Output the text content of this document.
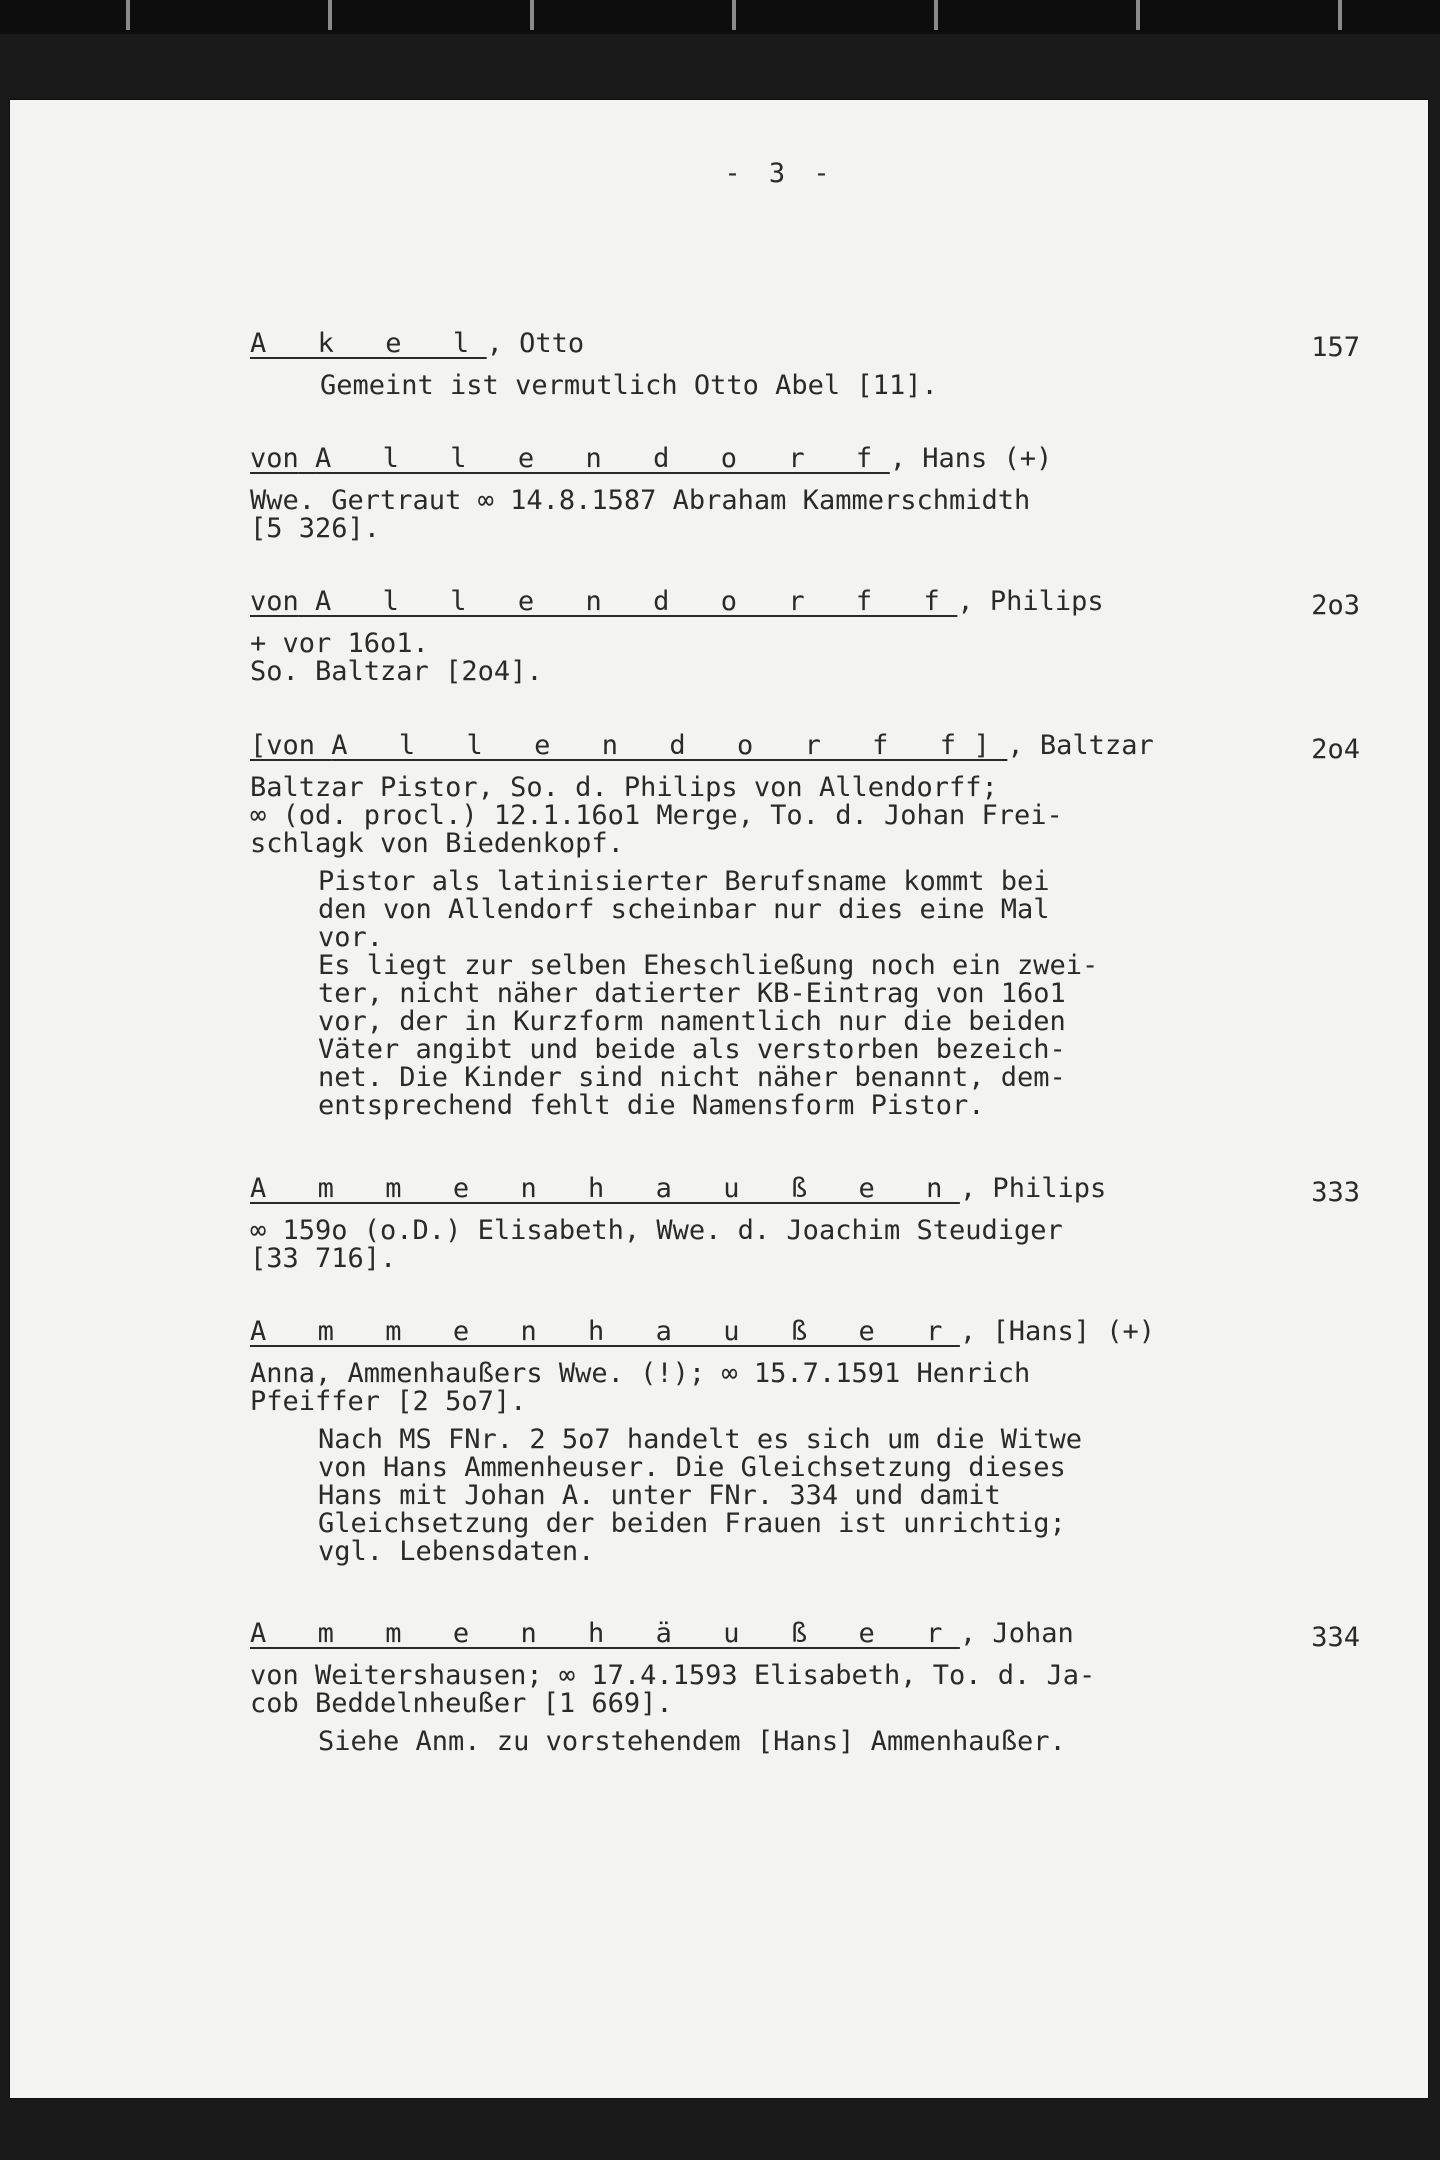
- 3 -
A k e l, Otto	157

Gemeint ist vermutlich Otto Abel [11].

von A l l e n d o r f, Hans (+)

Wwe. Gertraut ∞ 14.8.1587 Abraham Kammerschmidth

[5 326].

von A l l e n d o r f f, Philips	2o3

+ vor 16o1.

So. Baltzar [2o4].

[von A l l e n d o r f f], Baltzar	2o4

Baltzar Pistor, So. d. Philips von Allendorff;

∞ (od. procl.) 12.1.16o1 Merge, To. d. Johan Frei-

schlagk von Biedenkopf.

Pistor als latinisierter Berufsname kommt bei

den von Allendorf scheinbar nur dies eine Mal

vor.

Es liegt zur selben Eheschließung noch ein zwei-

ter, nicht näher datierter KB-Eintrag von 16o1

vor, der in Kurzform namentlich nur die beiden

Väter angibt und beide als verstorben bezeich-

net. Die Kinder sind nicht näher benannt, dem-

entsprechend fehlt die Namensform Pistor.

A m m e n h a u ß e n, Philips	333

∞ 159o (o.D.) Elisabeth, Wwe. d. Joachim Steudiger

[33 716].

A m m e n h a u ß e r, [Hans] (+)

Anna, Ammenhaußers Wwe. (!); ∞ 15.7.1591 Henrich

Pfeiffer [2 5o7].

Nach MS FNr. 2 5o7 handelt es sich um die Witwe

von Hans Ammenheuser. Die Gleichsetzung dieses

Hans mit Johan A. unter FNr. 334 und damit

Gleichsetzung der beiden Frauen ist unrichtig;

vgl. Lebensdaten.

A m m e n h ä u ß e r, Johan	334

von Weitershausen; ∞ 17.4.1593 Elisabeth, To. d. Ja-

cob Beddelnheußer [1 669].

Siehe Anm. zu vorstehendem [Hans] Ammenhaußer.
